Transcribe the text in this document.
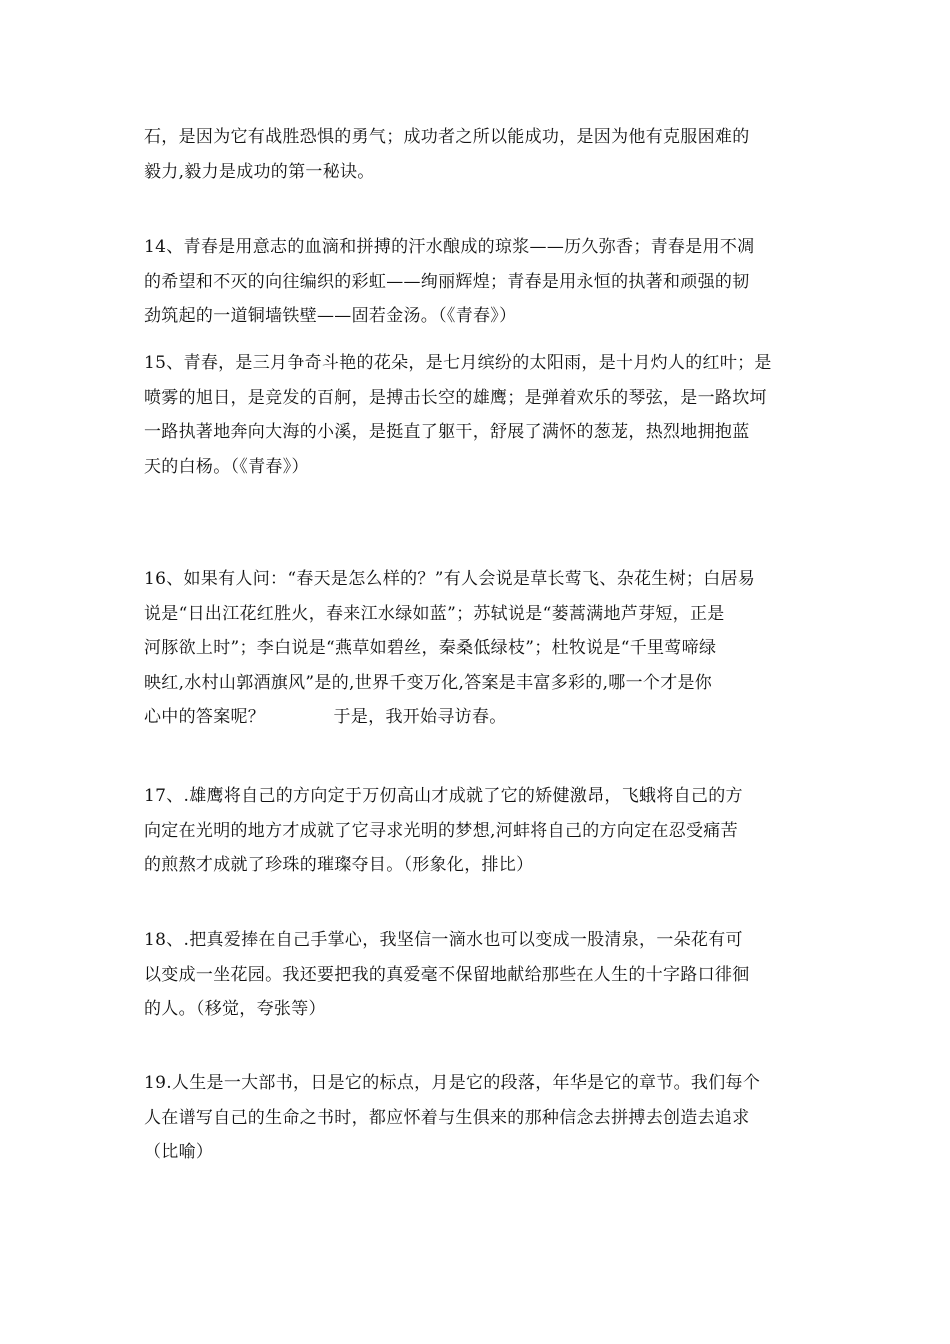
石，是因为它有战胜恐惧的勇气；成功者之所以能成功，是因为他有克服困难的
毅力,毅力是成功的第一秘诀。
14、青春是用意志的血滴和拼搏的汗水酿成的琼浆——历久弥香；青春是用不凋
的希望和不灭的向往编织的彩虹——绚丽辉煌；青春是用永恒的执著和顽强的韧
劲筑起的一道铜墙铁壁——固若金汤。（《青春》）
15、青春，是三月争奇斗艳的花朵，是七月缤纷的太阳雨，是十月灼人的红叶；是
喷雾的旭日，是竞发的百舸，是搏击长空的雄鹰；是弹着欢乐的琴弦，是一路坎坷
一路执著地奔向大海的小溪，是挺直了躯干，舒展了满怀的葱茏，热烈地拥抱蓝
天的白杨。（《青春》）
16、如果有人问：“春天是怎么样的？”有人会说是草长莺飞、杂花生树；白居易
说是“日出江花红胜火，春来江水绿如蓝”；苏轼说是“蒌蒿满地芦芽短，正是
河豚欲上时”；李白说是“燕草如碧丝，秦桑低绿枝”；杜牧说是“千里莺啼绿
映红,水村山郭酒旗风”是的,世界千变万化,答案是丰富多彩的,哪一个才是你
心中的答案呢？            于是，我开始寻访春。
17、.雄鹰将自己的方向定于万仞高山才成就了它的矫健激昂，飞蛾将自己的方
向定在光明的地方才成就了它寻求光明的梦想,河蚌将自己的方向定在忍受痛苦
的煎熬才成就了珍珠的璀璨夺目。（形象化，排比）
18、.把真爱捧在自己手掌心，我坚信一滴水也可以变成一股清泉，一朵花有可
以变成一坐花园。我还要把我的真爱毫不保留地献给那些在人生的十字路口徘徊
的人。（移觉，夸张等）
19.人生是一大部书，日是它的标点，月是它的段落，年华是它的章节。我们每个
人在谱写自己的生命之书时，都应怀着与生俱来的那种信念去拼搏去创造去追求
（比喻）
